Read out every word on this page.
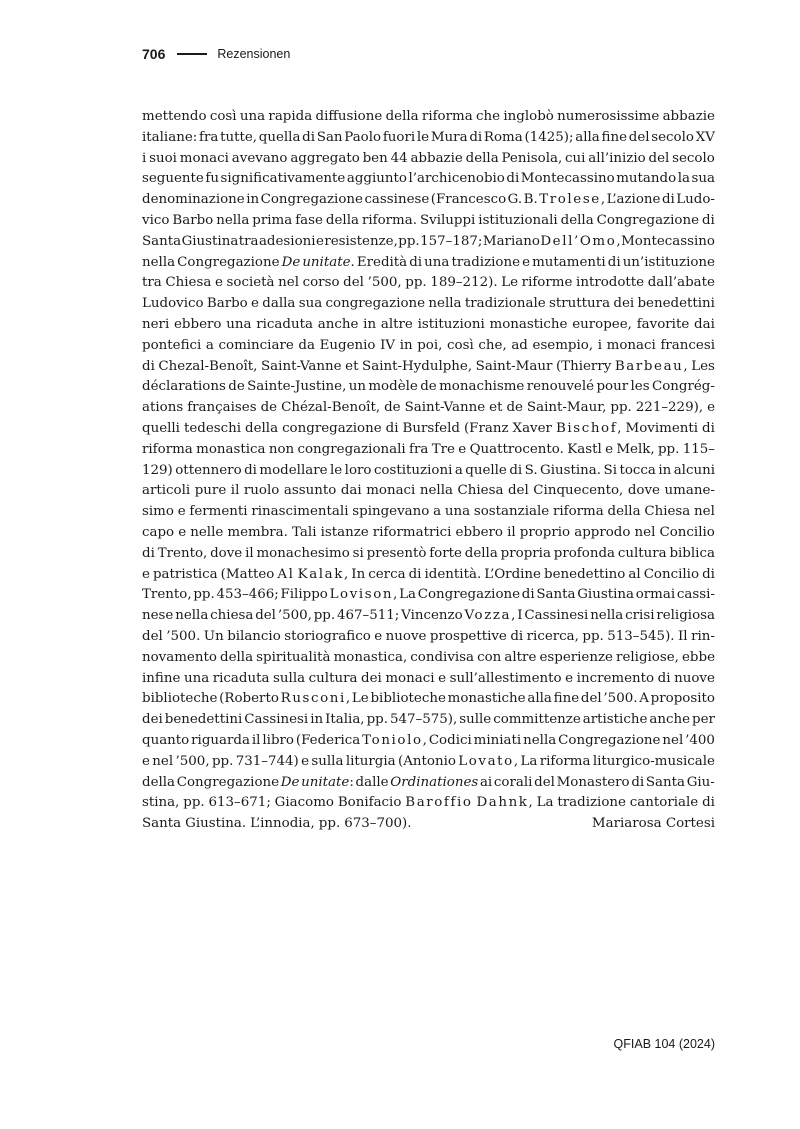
706	Rezensionen
mettendo così una rapida diffusione della riforma che inglobò numerosissime abbazie
italiane: fra tutte, quella di San Paolo fuori le Mura di Roma (1425); alla fine del secolo XV
i suoi monaci avevano aggregato ben 44 abbazie della Penisola, cui all’inizio del secolo
seguente fu significativamente aggiunto l’archicenobio di Montecassino mutando la sua
denominazione in Congregazione cassinese (Francesco G. B. Trolese, L’azione di Ludo-
vico Barbo nella prima fase della riforma. Sviluppi istituzionali della Congregazione di
Santa Giustina tra adesioni e resistenze, pp. 157–187; Mariano Dell’Omo, Montecassino
nella Congregazione De unitate. Eredità di una tradizione e mutamenti di un’istituzione
tra Chiesa e società nel corso del ’500, pp. 189–212). Le riforme introdotte dall’abate
Ludovico Barbo e dalla sua congregazione nella tradizionale struttura dei benedettini
neri ebbero una ricaduta anche in altre istituzioni monastiche europee, favorite dai
pontefici a cominciare da Eugenio IV in poi, così che, ad esempio, i monaci francesi
di Chezal-Benoît, Saint-Vanne et Saint-Hydulphe, Saint-Maur (Thierry Barbeau, Les
déclarations de Sainte-Justine, un modèle de monachisme renouvelé pour les Congrég-
ations françaises de Chézal-Benoît, de Saint-Vanne et de Saint-Maur, pp. 221–229), e
quelli tedeschi della congregazione di Bursfeld (Franz Xaver Bischof, Movimenti di
riforma monastica non congregazionali fra Tre e Quattrocento. Kastl e Melk, pp. 115–
129) ottennero di modellare le loro costituzioni a quelle di S. Giustina. Si tocca in alcuni
articoli pure il ruolo assunto dai monaci nella Chiesa del Cinquecento, dove umane-
simo e fermenti rinascimentali spingevano a una sostanziale riforma della Chiesa nel
capo e nelle membra. Tali istanze riformatrici ebbero il proprio approdo nel Concilio
di Trento, dove il monachesimo si presentò forte della propria profonda cultura biblica
e patristica (Matteo Al Kalak, In cerca di identità. L’Ordine benedettino al Concilio di
Trento, pp. 453–466; Filippo Lovison, La Congregazione di Santa Giustina ormai cassi-
nese nella chiesa del ’500, pp. 467–511; Vincenzo Vozza, I Cassinesi nella crisi religiosa
del ’500. Un bilancio storiografico e nuove prospettive di ricerca, pp. 513–545). Il rin-
novamento della spiritualità monastica, condivisa con altre esperienze religiose, ebbe
infine una ricaduta sulla cultura dei monaci e sull’allestimento e incremento di nuove
biblioteche (Roberto Rusconi, Le biblioteche monastiche alla fine del ’500. A proposito
dei benedettini Cassinesi in Italia, pp. 547–575), sulle committenze artistiche anche per
quanto riguarda il libro (Federica Toniolo, Codici miniati nella Congregazione nel ’400
e nel ’500, pp. 731–744) e sulla liturgia (Antonio Lovato, La riforma liturgico-musicale
della Congregazione De unitate: dalle Ordinationes ai corali del Monastero di Santa Giu-
stina, pp. 613–671; Giacomo Bonifacio Baroffio Dahnk, La tradizione cantoriale di
Santa Giustina. L’innodia, pp. 673–700).	Mariarosa Cortesi
QFIAB 104 (2024)
